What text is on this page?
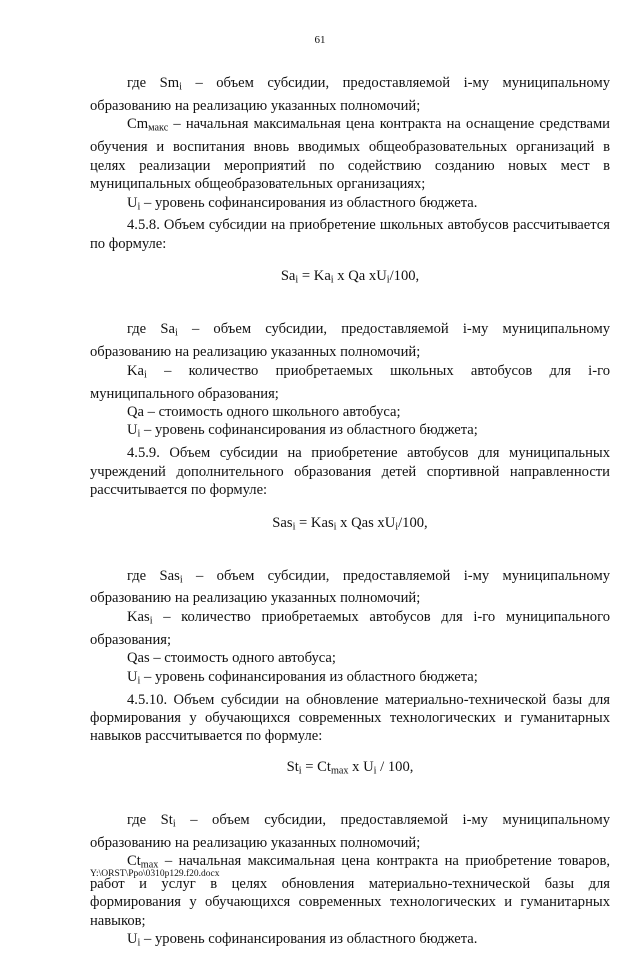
61

где $Sm_i$ – объем субсидии, предоставляемой i-му муниципальному образованию на реализацию указанных полномочий;

$Cm_{макс}$ – начальная максимальная цена контракта на оснащение средствами обучения и воспитания вновь вводимых общеобразовательных организаций в целях реализации мероприятий по содействию созданию новых мест в муниципальных общеобразовательных организациях;

$U_i$ – уровень софинансирования из областного бюджета.

4.5.8. Объем субсидии на приобретение школьных автобусов рассчитывается по формуле:

$Sa_i = Ka_i$ x Qa $xU_i/100$,

где $Sa_i$ – объем субсидии, предоставляемой i-му муниципальному образованию на реализацию указанных полномочий;

$Ka_i$ – количество приобретаемых школьных автобусов для i-го муниципального образования;

Qa – стоимость одного школьного автобуса;

$U_i$ – уровень софинансирования из областного бюджета;

4.5.9. Объем субсидии на приобретение автобусов для муниципальных учреждений дополнительного образования детей спортивной направленности рассчитывается по формуле:

Sas$_i$ = Kas$_i$ x Qas $xU_i/100$,

где Sas$_i$ – объем субсидии, предоставляемой i-му муниципальному образованию на реализацию указанных полномочий;

Kas$_i$ – количество приобретаемых автобусов для i-го муниципального образования;

Qas – стоимость одного автобуса;

$U_i$ – уровень софинансирования из областного бюджета;

4.5.10. Объем субсидии на обновление материально-технической базы для формирования у обучающихся современных технологических и гуманитарных навыков рассчитывается по формуле:

$St_i = Ct_{max}$ x $U_i / 100$,

где $St_i$ – объем субсидии, предоставляемой i-му муниципальному образованию на реализацию указанных полномочий;

$Ct_{max}$ – начальная максимальная цена контракта на приобретение товаров, работ и услуг в целях обновления материально-технической базы для формирования у обучающихся современных технологических и гуманитарных навыков;

$U_i$ – уровень софинансирования из областного бюджета.

Y:\ORST\Ppo\0310p129.f20.docx
